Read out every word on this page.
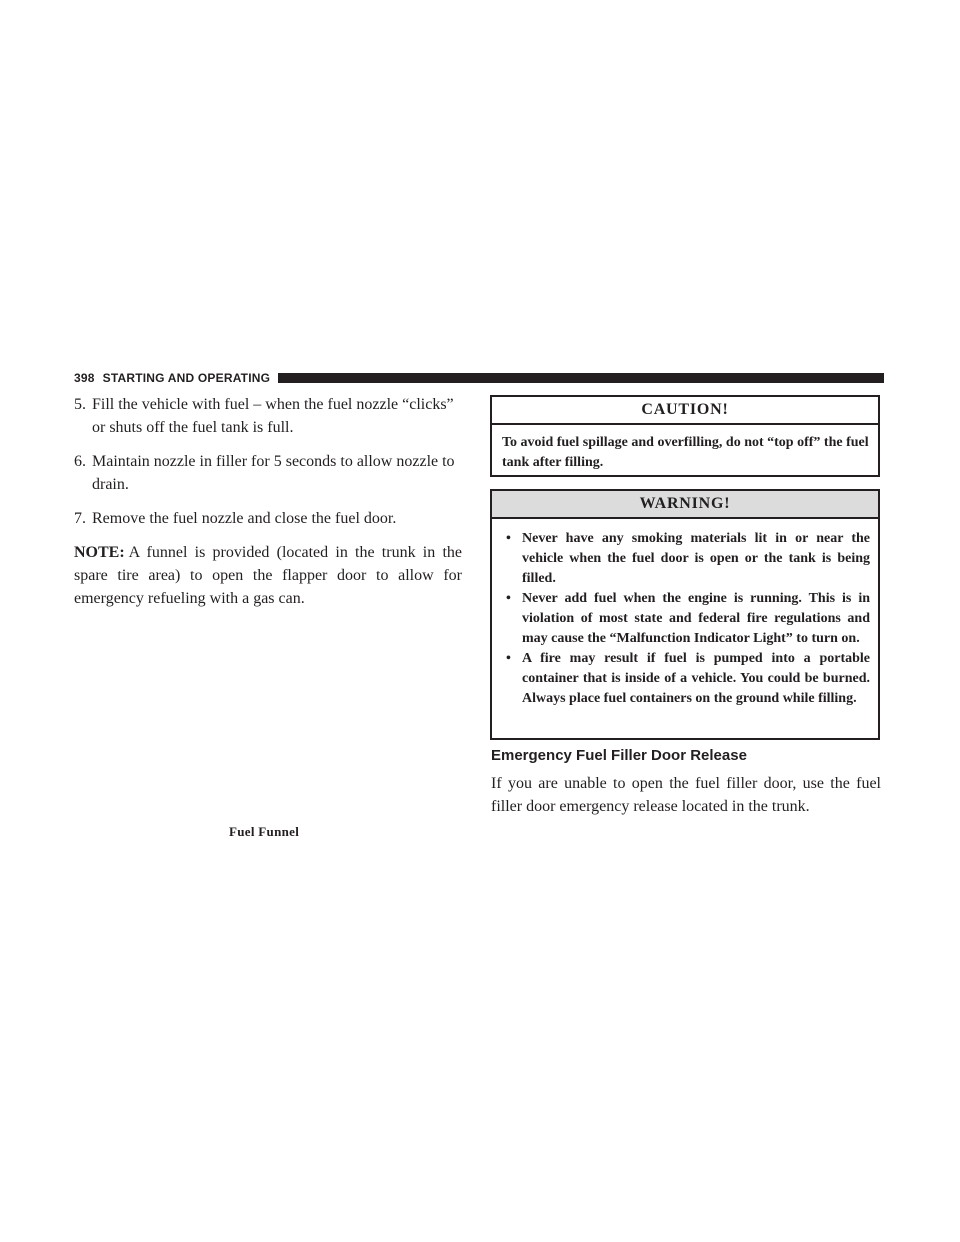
398 STARTING AND OPERATING

5. Fill the vehicle with fuel – when the fuel nozzle “clicks” or shuts off the fuel tank is full.

6. Maintain nozzle in filler for 5 seconds to allow nozzle to drain.

7. Remove the fuel nozzle and close the fuel door.

NOTE: A funnel is provided (located in the trunk in the spare tire area) to open the flapper door to allow for emergency refueling with a gas can.

Fuel Funnel
CAUTION!
To avoid fuel spillage and overfilling, do not “top off” the fuel tank after filling.
WARNING!
• Never have any smoking materials lit in or near the vehicle when the fuel door is open or the tank is being filled.
• Never add fuel when the engine is running. This is in violation of most state and federal fire regulations and may cause the “Malfunction Indicator Light” to turn on.
• A fire may result if fuel is pumped into a portable container that is inside of a vehicle. You could be burned. Always place fuel containers on the ground while filling.
Emergency Fuel Filler Door Release

If you are unable to open the fuel filler door, use the fuel filler door emergency release located in the trunk.
